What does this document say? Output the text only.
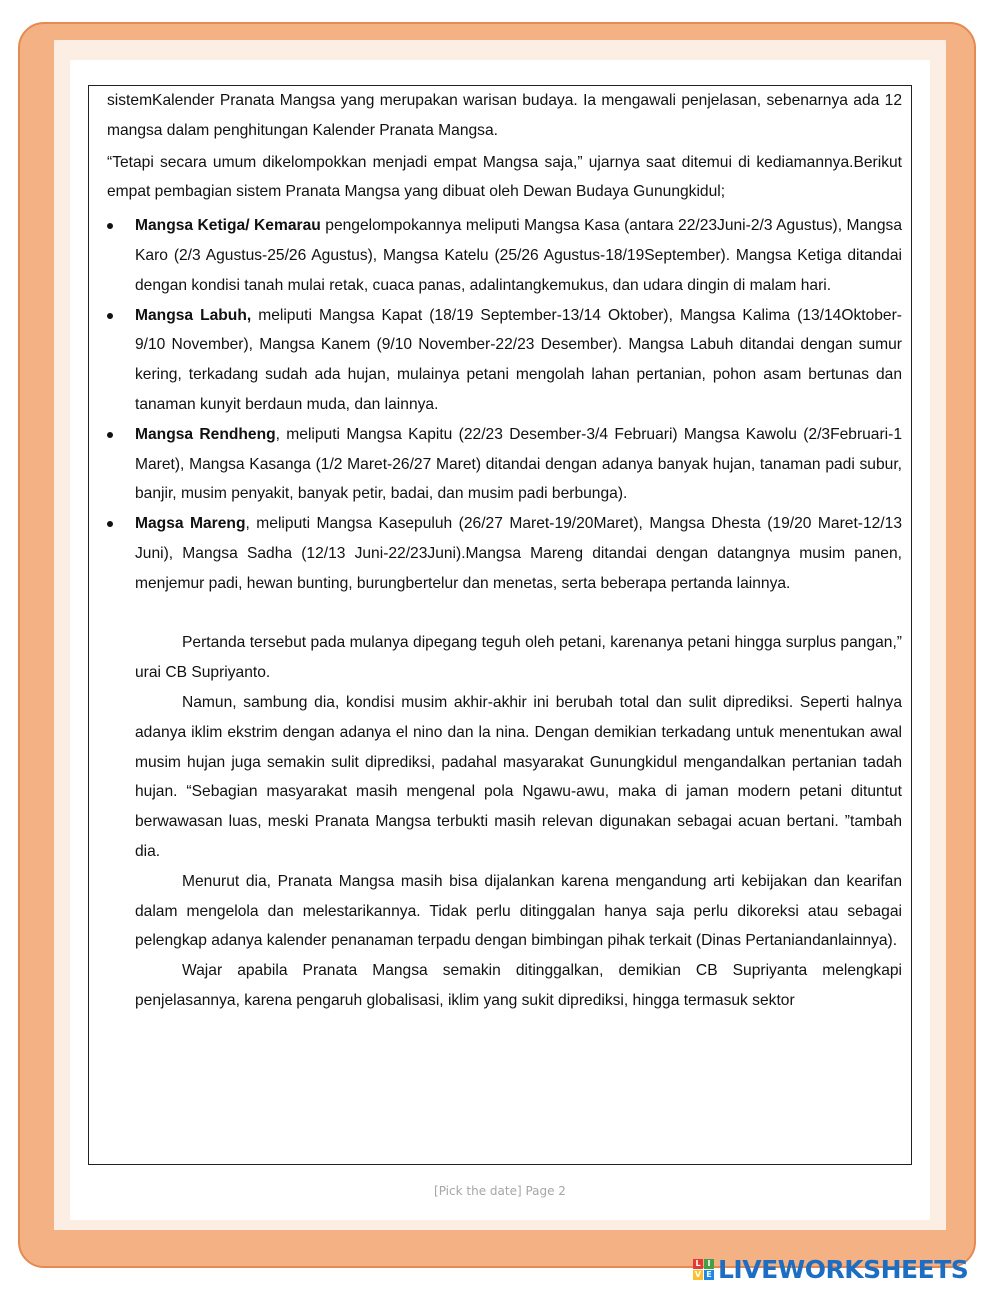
sistemKalender Pranata Mangsa yang merupakan warisan budaya. Ia mengawali penjelasan, sebenarnya ada 12 mangsa dalam penghitungan Kalender Pranata Mangsa.

“Tetapi secara umum dikelompokkan menjadi empat Mangsa saja,” ujarnya saat ditemui di kediamannya.Berikut empat pembagian sistem Pranata Mangsa yang dibuat oleh Dewan Budaya Gunungkidul;

Mangsa Ketiga/ Kemarau pengelompokannya meliputi Mangsa Kasa (antara 22/23Juni-2/3 Agustus), Mangsa Karo (2/3 Agustus-25/26 Agustus), Mangsa Katelu (25/26 Agustus-18/19September). Mangsa Ketiga ditandai dengan kondisi tanah mulai retak, cuaca panas, adalintangkemukus, dan udara dingin di malam hari.
Mangsa Labuh, meliputi Mangsa Kapat (18/19 September-13/14 Oktober), Mangsa Kalima (13/14Oktober-9/10 November), Mangsa Kanem (9/10 November-22/23 Desember). Mangsa Labuh ditandai dengan sumur kering, terkadang sudah ada hujan, mulainya petani mengolah lahan pertanian, pohon asam bertunas dan tanaman kunyit berdaun muda, dan lainnya.
Mangsa Rendheng, meliputi Mangsa Kapitu (22/23 Desember-3/4 Februari) Mangsa Kawolu (2/3Februari-1 Maret), Mangsa Kasanga (1/2 Maret-26/27 Maret) ditandai dengan adanya banyak hujan, tanaman padi subur, banjir, musim penyakit, banyak petir, badai, dan musim padi berbunga).
Magsa Mareng, meliputi Mangsa Kasepuluh (26/27 Maret-19/20Maret), Mangsa Dhesta (19/20 Maret-12/13 Juni), Mangsa Sadha (12/13 Juni-22/23Juni).Mangsa Mareng ditandai dengan datangnya musim panen, menjemur padi, hewan bunting, burungbertelur dan menetas, serta beberapa pertanda lainnya.

Pertanda tersebut pada mulanya dipegang teguh oleh petani, karenanya petani hingga surplus pangan,” urai CB Supriyanto.

Namun, sambung dia, kondisi musim akhir-akhir ini berubah total dan sulit diprediksi. Seperti halnya adanya iklim ekstrim dengan adanya el nino dan la nina. Dengan demikian terkadang untuk menentukan awal musim hujan juga semakin sulit diprediksi, padahal masyarakat Gunungkidul mengandalkan pertanian tadah hujan. “Sebagian masyarakat masih mengenal pola Ngawu-awu, maka di jaman modern petani dituntut berwawasan luas, meski Pranata Mangsa terbukti masih relevan digunakan sebagai acuan bertani. ”tambah dia.

Menurut dia, Pranata Mangsa masih bisa dijalankan karena mengandung arti kebijakan dan kearifan dalam mengelola dan melestarikannya. Tidak perlu ditinggalan hanya saja perlu dikoreksi atau sebagai pelengkap adanya kalender penanaman terpadu dengan bimbingan pihak terkait (Dinas Pertaniandanlainnya).

Wajar apabila Pranata Mangsa semakin ditinggalkan, demikian CB Supriyanta melengkapi penjelasannya, karena pengaruh globalisasi, iklim yang sukit diprediksi, hingga termasuk sektor

[Pick the date] Page 2
L I
V E LIVEWORKSHEETS
